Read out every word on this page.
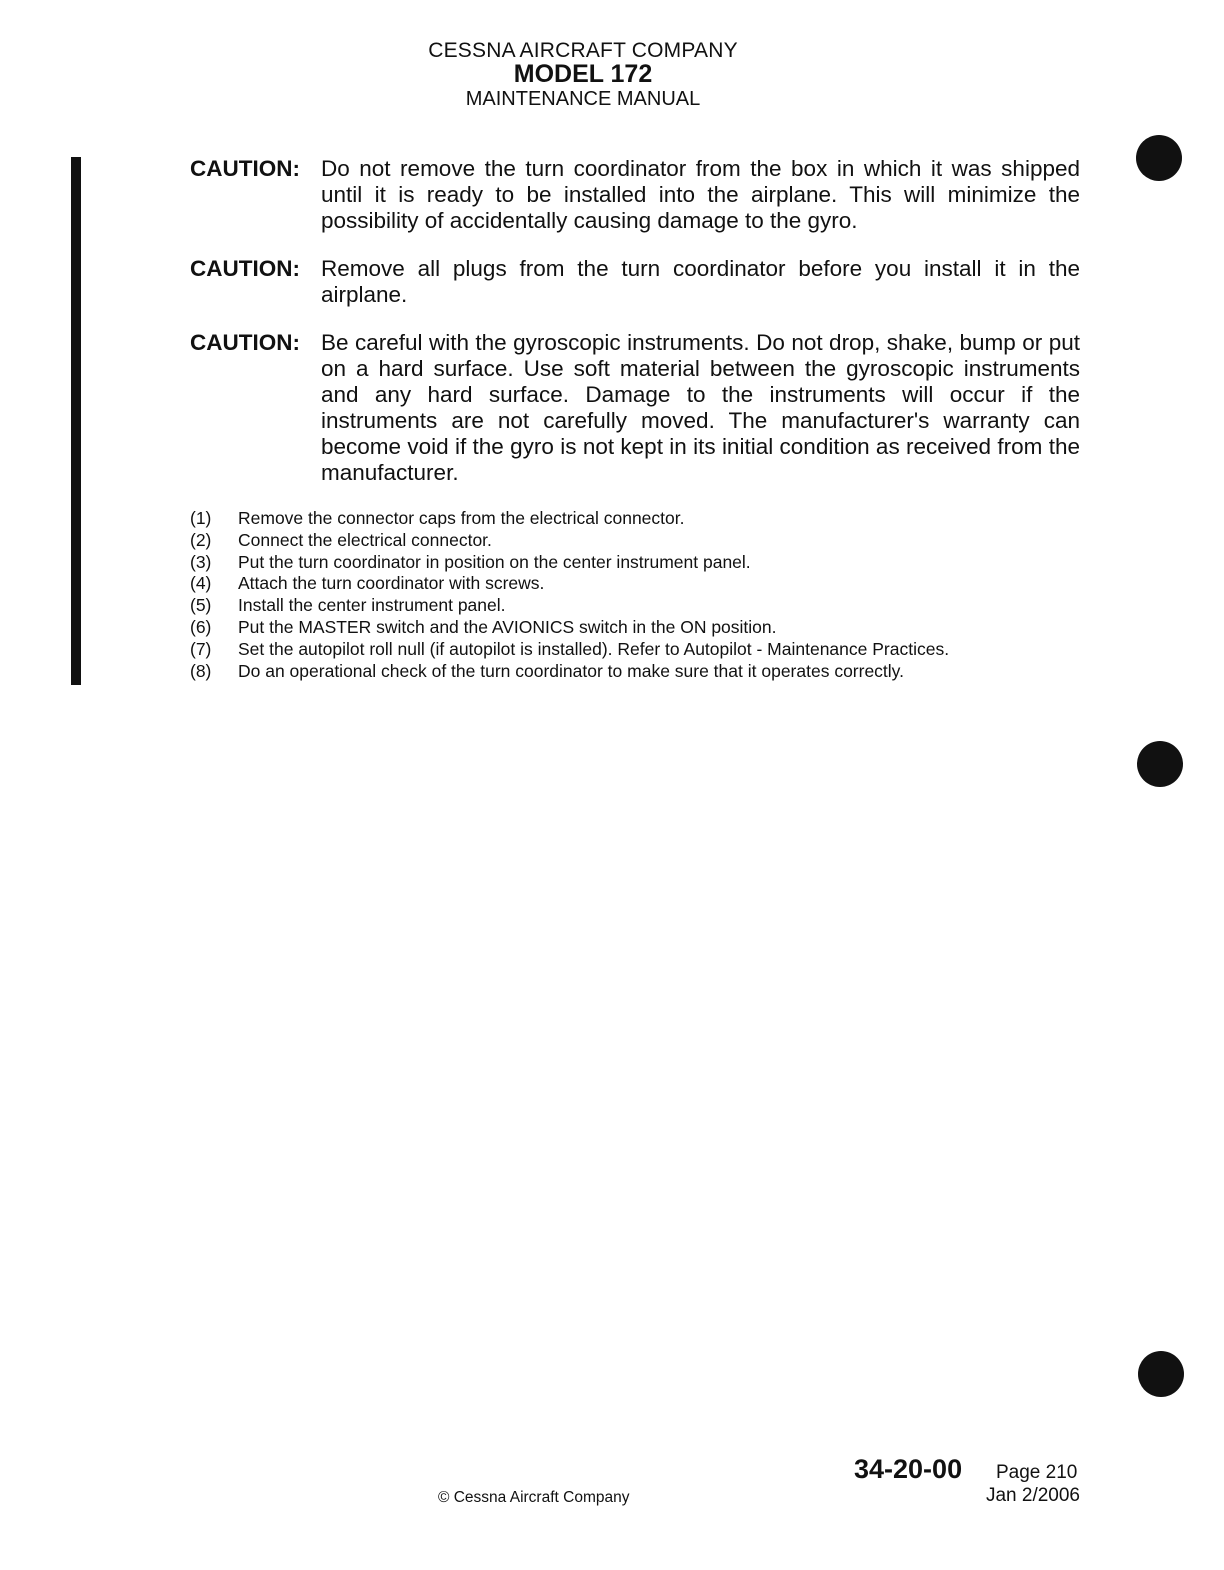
CESSNA AIRCRAFT COMPANY
MODEL 172
MAINTENANCE MANUAL
CAUTION: Do not remove the turn coordinator from the box in which it was shipped until it is ready to be installed into the airplane. This will minimize the possibility of accidentally causing damage to the gyro.
CAUTION: Remove all plugs from the turn coordinator before you install it in the airplane.
CAUTION: Be careful with the gyroscopic instruments. Do not drop, shake, bump or put on a hard surface. Use soft material between the gyroscopic instruments and any hard surface. Damage to the instruments will occur if the instruments are not carefully moved. The manufacturer's warranty can become void if the gyro is not kept in its initial condition as received from the manufacturer.
(1)	Remove the connector caps from the electrical connector.
(2)	Connect the electrical connector.
(3)	Put the turn coordinator in position on the center instrument panel.
(4)	Attach the turn coordinator with screws.
(5)	Install the center instrument panel.
(6)	Put the MASTER switch and the AVIONICS switch in the ON position.
(7)	Set the autopilot roll null (if autopilot is installed). Refer to Autopilot - Maintenance Practices.
(8)	Do an operational check of the turn coordinator to make sure that it operates correctly.
34-20-00 Page 210
Jan 2/2006
© Cessna Aircraft Company
